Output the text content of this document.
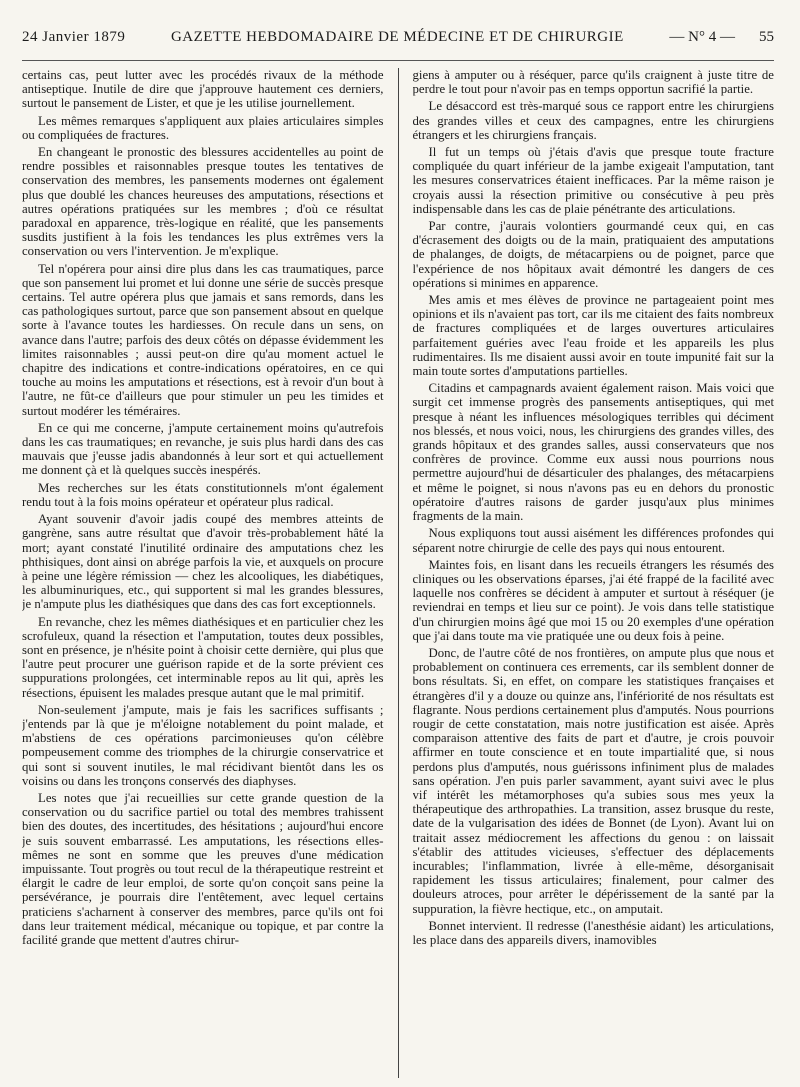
24 Janvier 1879	GAZETTE HEBDOMADAIRE DE MÉDECINE ET DE CHIRURGIE	— N° 4 — 55

certains cas, peut lutter avec les procédés rivaux de la méthode antiseptique. Inutile de dire que j'approuve hautement ces derniers, surtout le pansement de Lister, et que je les utilise journellement.

Les mêmes remarques s'appliquent aux plaies articulaires simples ou compliquées de fractures.

En changeant le pronostic des blessures accidentelles au point de rendre possibles et raisonnables presque toutes les tentatives de conservation des membres, les pansements modernes ont également plus que doublé les chances heureuses des amputations, résections et autres opérations pratiquées sur les membres ; d'où ce résultat paradoxal en apparence, très-logique en réalité, que les pansements susdits justifient à la fois les tendances les plus extrêmes vers la conservation ou vers l'intervention. Je m'explique.

Tel n'opérera pour ainsi dire plus dans les cas traumatiques, parce que son pansement lui promet et lui donne une série de succès presque certains. Tel autre opérera plus que jamais et sans remords, dans les cas pathologiques surtout, parce que son pansement absout en quelque sorte à l'avance toutes les hardiesses. On recule dans un sens, on avance dans l'autre; parfois des deux côtés on dépasse évidemment les limites raisonnables ; aussi peut-on dire qu'au moment actuel le chapitre des indications et contre-indications opératoires, en ce qui touche au moins les amputations et résections, est à revoir d'un bout à l'autre, ne fût-ce d'ailleurs que pour stimuler un peu les timides et surtout modérer les téméraires.

En ce qui me concerne, j'ampute certainement moins qu'autrefois dans les cas traumatiques; en revanche, je suis plus hardi dans des cas mauvais que j'eusse jadis abandonnés à leur sort et qui actuellement me donnent çà et là quelques succès inespérés.

Mes recherches sur les états constitutionnels m'ont également rendu tout à la fois moins opérateur et opérateur plus radical.

Ayant souvenir d'avoir jadis coupé des membres atteints de gangrène, sans autre résultat que d'avoir très-probablement hâté la mort; ayant constaté l'inutilité ordinaire des amputations chez les phthisiques, dont ainsi on abrége parfois la vie, et auxquels on procure à peine une légère rémission — chez les alcooliques, les diabétiques, les albuminuriques, etc., qui supportent si mal les grandes blessures, je n'ampute plus les diathésiques que dans des cas fort exceptionnels.

En revanche, chez les mêmes diathésiques et en particulier chez les scrofuleux, quand la résection et l'amputation, toutes deux possibles, sont en présence, je n'hésite point à choisir cette dernière, qui plus que l'autre peut procurer une guérison rapide et de la sorte prévient ces suppurations prolongées, cet interminable repos au lit qui, après les résections, épuisent les malades presque autant que le mal primitif.

Non-seulement j'ampute, mais je fais les sacrifices suffisants ; j'entends par là que je m'éloigne notablement du point malade, et m'abstiens de ces opérations parcimonieuses qu'on célèbre pompeusement comme des triomphes de la chirurgie conservatrice et qui sont si souvent inutiles, le mal récidivant bientôt dans les os voisins ou dans les tronçons conservés des diaphyses.

Les notes que j'ai recueillies sur cette grande question de la conservation ou du sacrifice partiel ou total des membres trahissent bien des doutes, des incertitudes, des hésitations ; aujourd'hui encore je suis souvent embarrassé. Les amputations, les résections elles-mêmes ne sont en somme que les preuves d'une médication impuissante. Tout progrès ou tout recul de la thérapeutique restreint et élargit le cadre de leur emploi, de sorte qu'on conçoit sans peine la persévérance, je pourrais dire l'entêtement, avec lequel certains praticiens s'acharnent à conserver des membres, parce qu'ils ont foi dans leur traitement médical, mécanique ou topique, et par contre la facilité grande que mettent d'autres chirur-

giens à amputer ou à réséquer, parce qu'ils craignent à juste titre de perdre le tout pour n'avoir pas en temps opportun sacrifié la partie.

Le désaccord est très-marqué sous ce rapport entre les chirurgiens des grandes villes et ceux des campagnes, entre les chirurgiens étrangers et les chirurgiens français.

Il fut un temps où j'étais d'avis que presque toute fracture compliquée du quart inférieur de la jambe exigeait l'amputation, tant les mesures conservatrices étaient inefficaces. Par la même raison je croyais aussi la résection primitive ou consécutive à peu près indispensable dans les cas de plaie pénétrante des articulations.

Par contre, j'aurais volontiers gourmandé ceux qui, en cas d'écrasement des doigts ou de la main, pratiquaient des amputations de phalanges, de doigts, de métacarpiens ou de poignet, parce que l'expérience de nos hôpitaux avait démontré les dangers de ces opérations si minimes en apparence.

Mes amis et mes élèves de province ne partageaient point mes opinions et ils n'avaient pas tort, car ils me citaient des faits nombreux de fractures compliquées et de larges ouvertures articulaires parfaitement guéries avec l'eau froide et les appareils les plus rudimentaires. Ils me disaient aussi avoir en toute impunité fait sur la main toute sortes d'amputations partielles.

Citadins et campagnards avaient également raison. Mais voici que surgit cet immense progrès des pansements antiseptiques, qui met presque à néant les influences mésologiques terribles qui déciment nos blessés, et nous voici, nous, les chirurgiens des grandes villes, des grands hôpitaux et des grandes salles, aussi conservateurs que nos confrères de province. Comme eux aussi nous pourrions nous permettre aujourd'hui de désarticuler des phalanges, des métacarpiens et même le poignet, si nous n'avons pas eu en dehors du pronostic opératoire d'autres raisons de garder jusqu'aux plus minimes fragments de la main.

Nous expliquons tout aussi aisément les différences profondes qui séparent notre chirurgie de celle des pays qui nous entourent.

Maintes fois, en lisant dans les recueils étrangers les résumés des cliniques ou les observations éparses, j'ai été frappé de la facilité avec laquelle nos confrères se décident à amputer et surtout à réséquer (je reviendrai en temps et lieu sur ce point). Je vois dans telle statistique d'un chirurgien moins âgé que moi 15 ou 20 exemples d'une opération que j'ai dans toute ma vie pratiquée une ou deux fois à peine.

Donc, de l'autre côté de nos frontières, on ampute plus que nous et probablement on continuera ces errements, car ils semblent donner de bons résultats. Si, en effet, on compare les statistiques françaises et étrangères d'il y a douze ou quinze ans, l'infériorité de nos résultats est flagrante. Nous perdions certainement plus d'amputés. Nous pourrions rougir de cette constatation, mais notre justification est aisée. Après comparaison attentive des faits de part et d'autre, je crois pouvoir affirmer en toute conscience et en toute impartialité que, si nous perdons plus d'amputés, nous guérissons infiniment plus de malades sans opération. J'en puis parler savamment, ayant suivi avec le plus vif intérêt les métamorphoses qu'a subies sous mes yeux la thérapeutique des arthropathies. La transition, assez brusque du reste, date de la vulgarisation des idées de Bonnet (de Lyon). Avant lui on traitait assez médiocrement les affections du genou : on laissait s'établir des attitudes vicieuses, s'effectuer des déplacements incurables; l'inflammation, livrée à elle-même, désorganisait rapidement les tissus articulaires; finalement, pour calmer des douleurs atroces, pour arrêter le dépérissement de la santé par la suppuration, la fièvre hectique, etc., on amputait.

Bonnet intervient. Il redresse (l'anesthésie aidant) les articulations, les place dans des appareils divers, inamovibles
